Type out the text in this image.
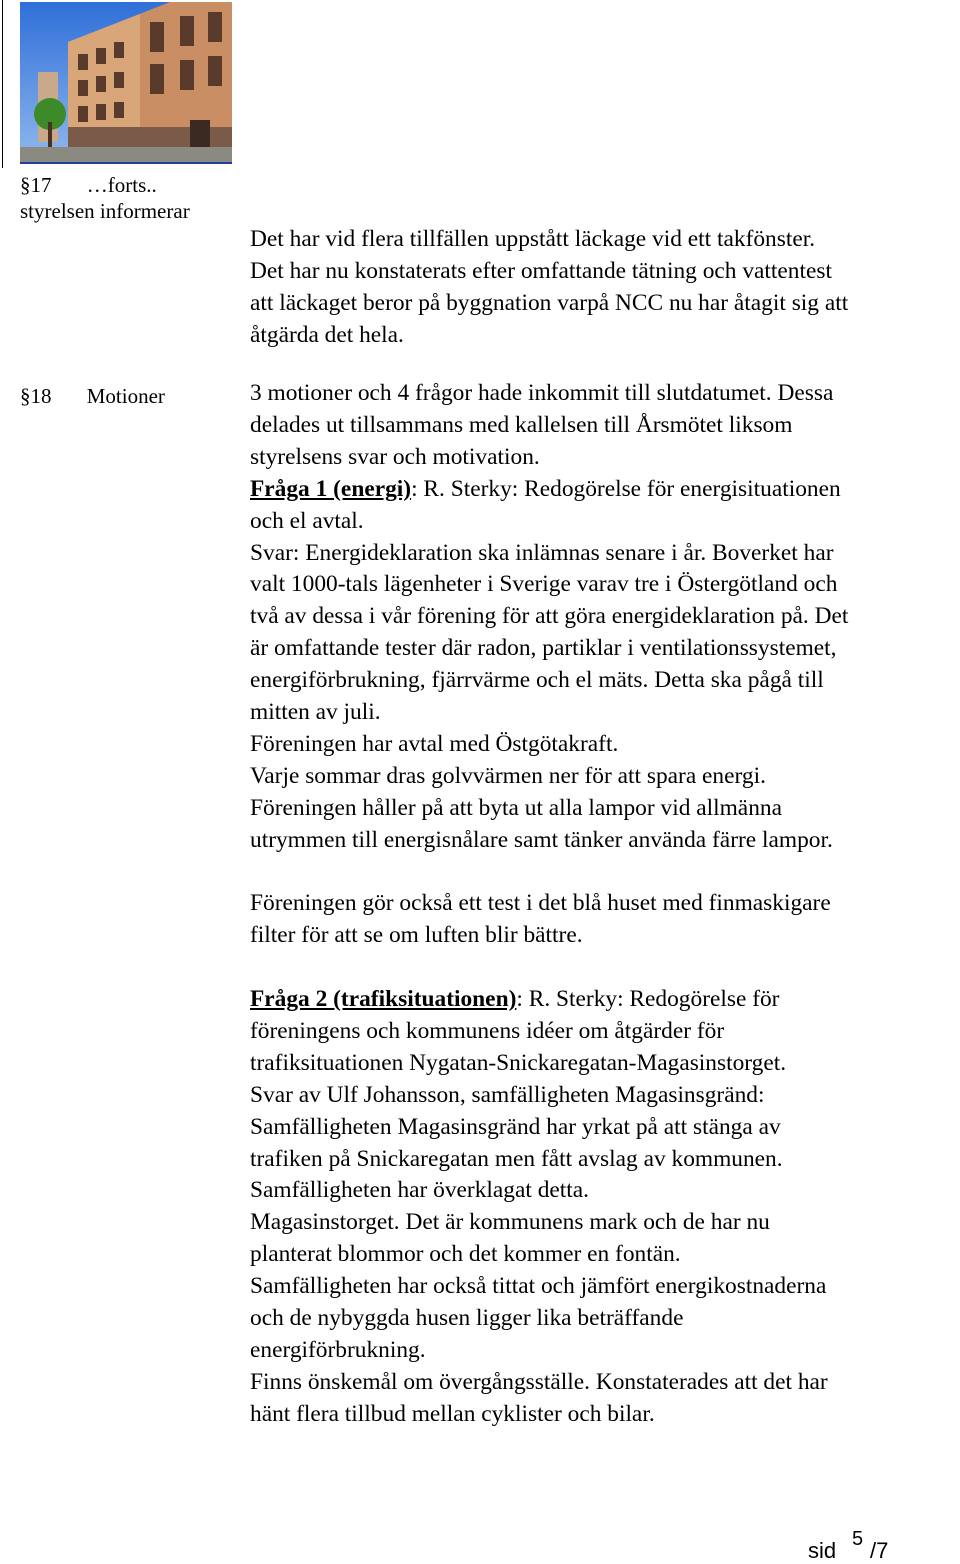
§17 …forts..
styrelsen informerar
Det har vid flera tillfällen uppstått läckage vid ett takfönster.
Det har nu konstaterats efter omfattande tätning och vattentest
att läckaget beror på byggnation varpå NCC nu har åtagit sig att
åtgärda det hela.
§18 Motioner	3 motioner och 4 frågor hade inkommit till slutdatumet. Dessa
delades ut tillsammans med kallelsen till Årsmötet liksom
styrelsens svar och motivation.
Fråga 1 (energi): R. Sterky: Redogörelse för energisituationen
och el avtal.
Svar: Energideklaration ska inlämnas senare i år. Boverket har
valt 1000-tals lägenheter i Sverige varav tre i Östergötland och
två av dessa i vår förening för att göra energideklaration på. Det
är omfattande tester där radon, partiklar i ventilationssystemet,
energiförbrukning, fjärrvärme och el mäts. Detta ska pågå till
mitten av juli.
Föreningen har avtal med Östgötakraft.
Varje sommar dras golvvärmen ner för att spara energi.
Föreningen håller på att byta ut alla lampor vid allmänna
utrymmen till energisnålare samt tänker använda färre lampor.
Föreningen gör också ett test i det blå huset med finmaskigare
filter för att se om luften blir bättre.
Fråga 2 (trafiksituationen): R. Sterky: Redogörelse för
föreningens och kommunens idéer om åtgärder för
trafiksituationen Nygatan-Snickaregatan-Magasinstorget.
Svar av Ulf Johansson, samfälligheten Magasinsgränd:
Samfälligheten Magasinsgränd har yrkat på att stänga av
trafiken på Snickaregatan men fått avslag av kommunen.
Samfälligheten har överklagat detta.
Magasinstorget. Det är kommunens mark och de har nu
planterat blommor och det kommer en fontän.
Samfälligheten har också tittat och jämfört energikostnaderna
och de nybyggda husen ligger lika beträffande
energiförbrukning.
Finns önskemål om övergångsställe. Konstaterades att det har
hänt flera tillbud mellan cyklister och bilar.
sid 5 /7
